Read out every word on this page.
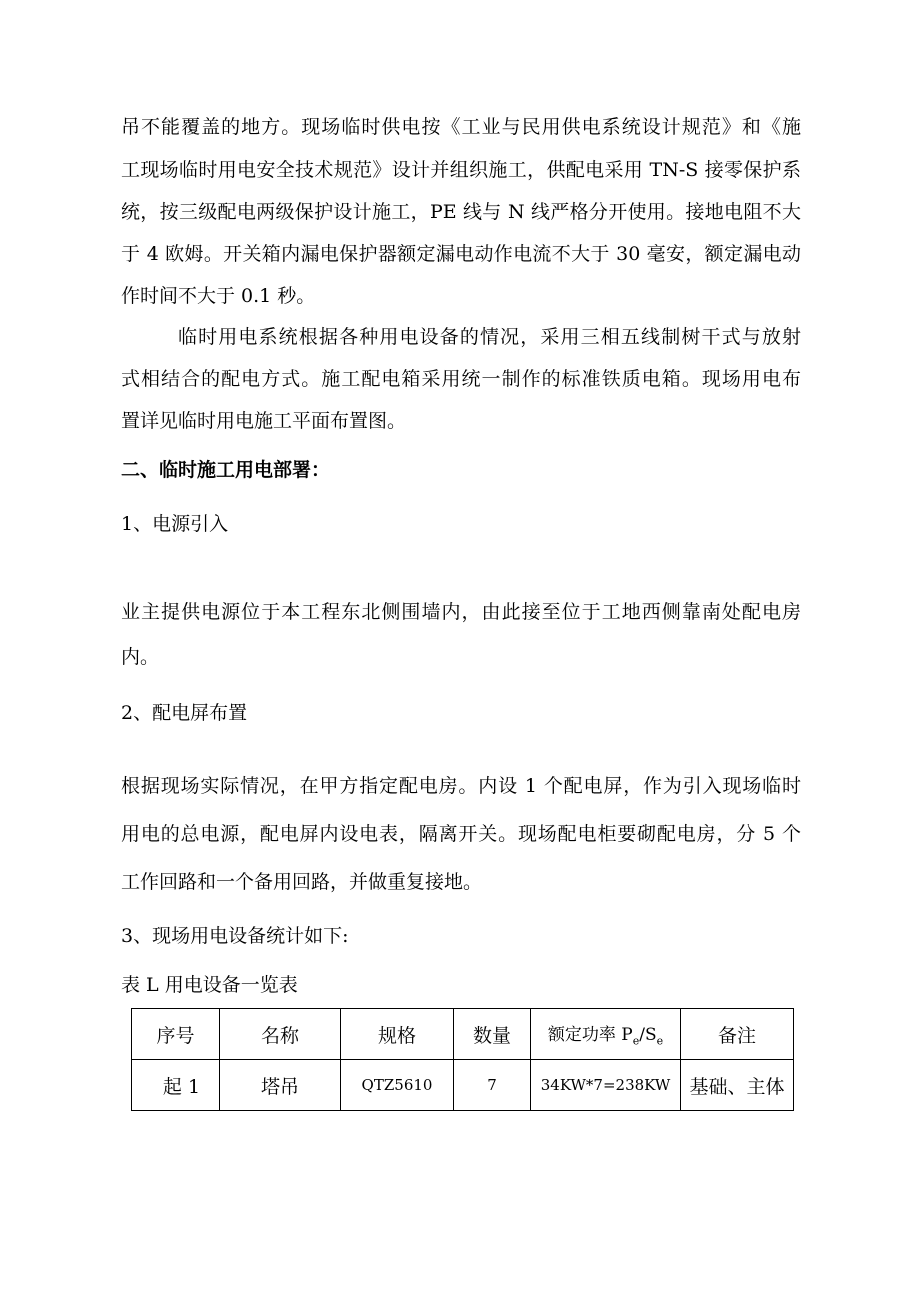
吊不能覆盖的地方。现场临时供电按《工业与民用供电系统设计规范》和《施
工现场临时用电安全技术规范》设计并组织施工，供配电采用 TN-S 接零保护系
统，按三级配电两级保护设计施工，PE 线与 N 线严格分开使用。接地电阻不大
于 4 欧姆。开关箱内漏电保护器额定漏电动作电流不大于 30 毫安，额定漏电动
作时间不大于 0.1 秒。
临时用电系统根据各种用电设备的情况，采用三相五线制树干式与放射
式相结合的配电方式。施工配电箱采用统一制作的标准铁质电箱。现场用电布
置详见临时用电施工平面布置图。
二、临时施工用电部署：
1、电源引入
业主提供电源位于本工程东北侧围墙内，由此接至位于工地西侧靠南处配电房
内。
2、配电屏布置
根据现场实际情况，在甲方指定配电房。内设 1 个配电屏，作为引入现场临时
用电的总电源，配电屏内设电表，隔离开关。现场配电柜要砌配电房，分 5 个
工作回路和一个备用回路，并做重复接地。
3、现场用电设备统计如下:
表 L 用电设备一览表
序号	名称	规格	数量	额定功率 $P_e/S_e$	备注
起 1	塔吊	QTZ5610	7	34KW*7=238KW	基础、主体
